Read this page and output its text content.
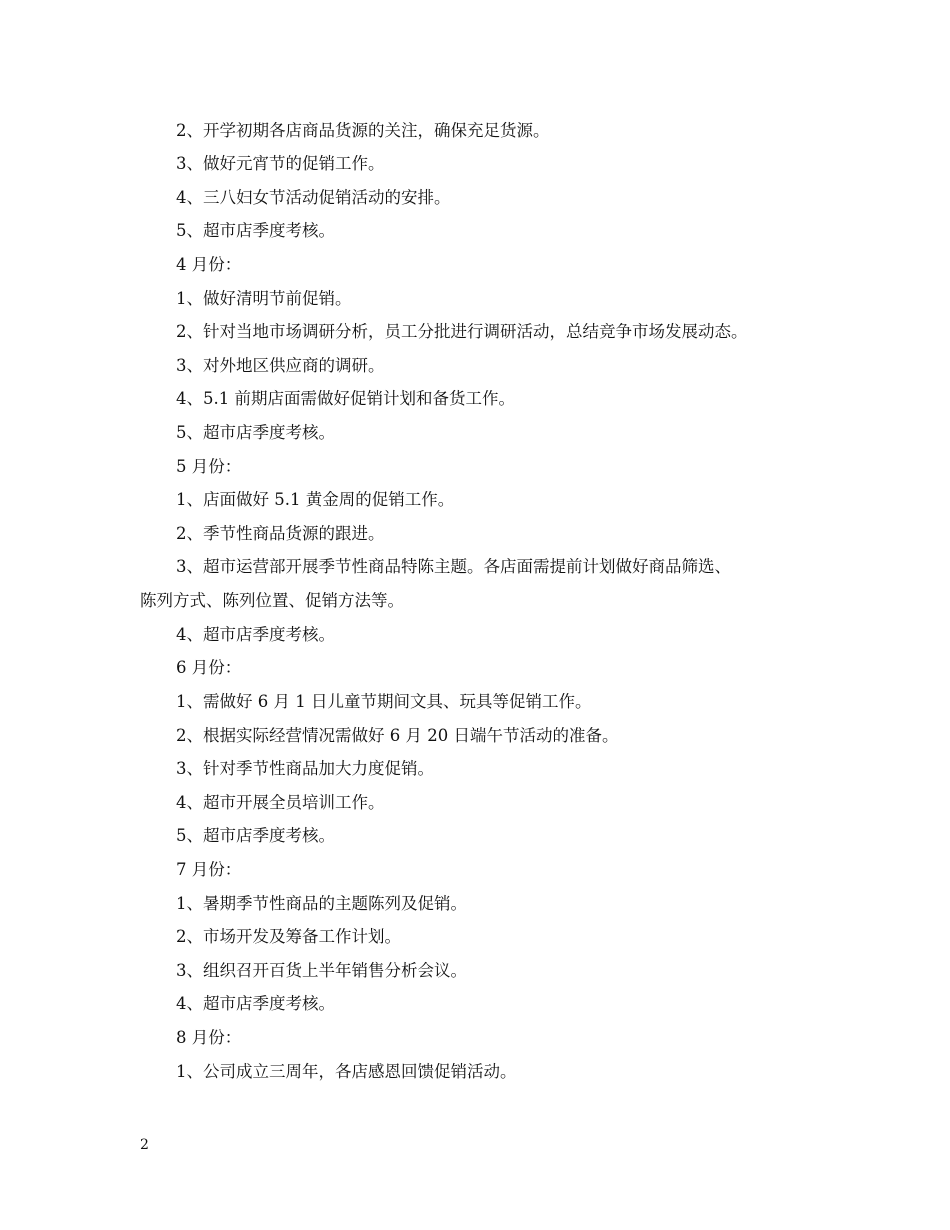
2、开学初期各店商品货源的关注，确保充足货源。
3、做好元宵节的促销工作。
4、三八妇女节活动促销活动的安排。
5、超市店季度考核。
4 月份：
1、做好清明节前促销。
2、针对当地市场调研分析，员工分批进行调研活动，总结竞争市场发展动态。
3、对外地区供应商的调研。
4、5.1 前期店面需做好促销计划和备货工作。
5、超市店季度考核。
5 月份：
1、店面做好 5.1 黄金周的促销工作。
2、季节性商品货源的跟进。
3、超市运营部开展季节性商品特陈主题。各店面需提前计划做好商品筛选、
陈列方式、陈列位置、促销方法等。
4、超市店季度考核。
6 月份：
1、需做好 6 月 1 日儿童节期间文具、玩具等促销工作。
2、根据实际经营情况需做好 6 月 20 日端午节活动的准备。
3、针对季节性商品加大力度促销。
4、超市开展全员培训工作。
5、超市店季度考核。
7 月份：
1、暑期季节性商品的主题陈列及促销。
2、市场开发及筹备工作计划。
3、组织召开百货上半年销售分析会议。
4、超市店季度考核。
8 月份：
1、公司成立三周年，各店感恩回馈促销活动。
2
